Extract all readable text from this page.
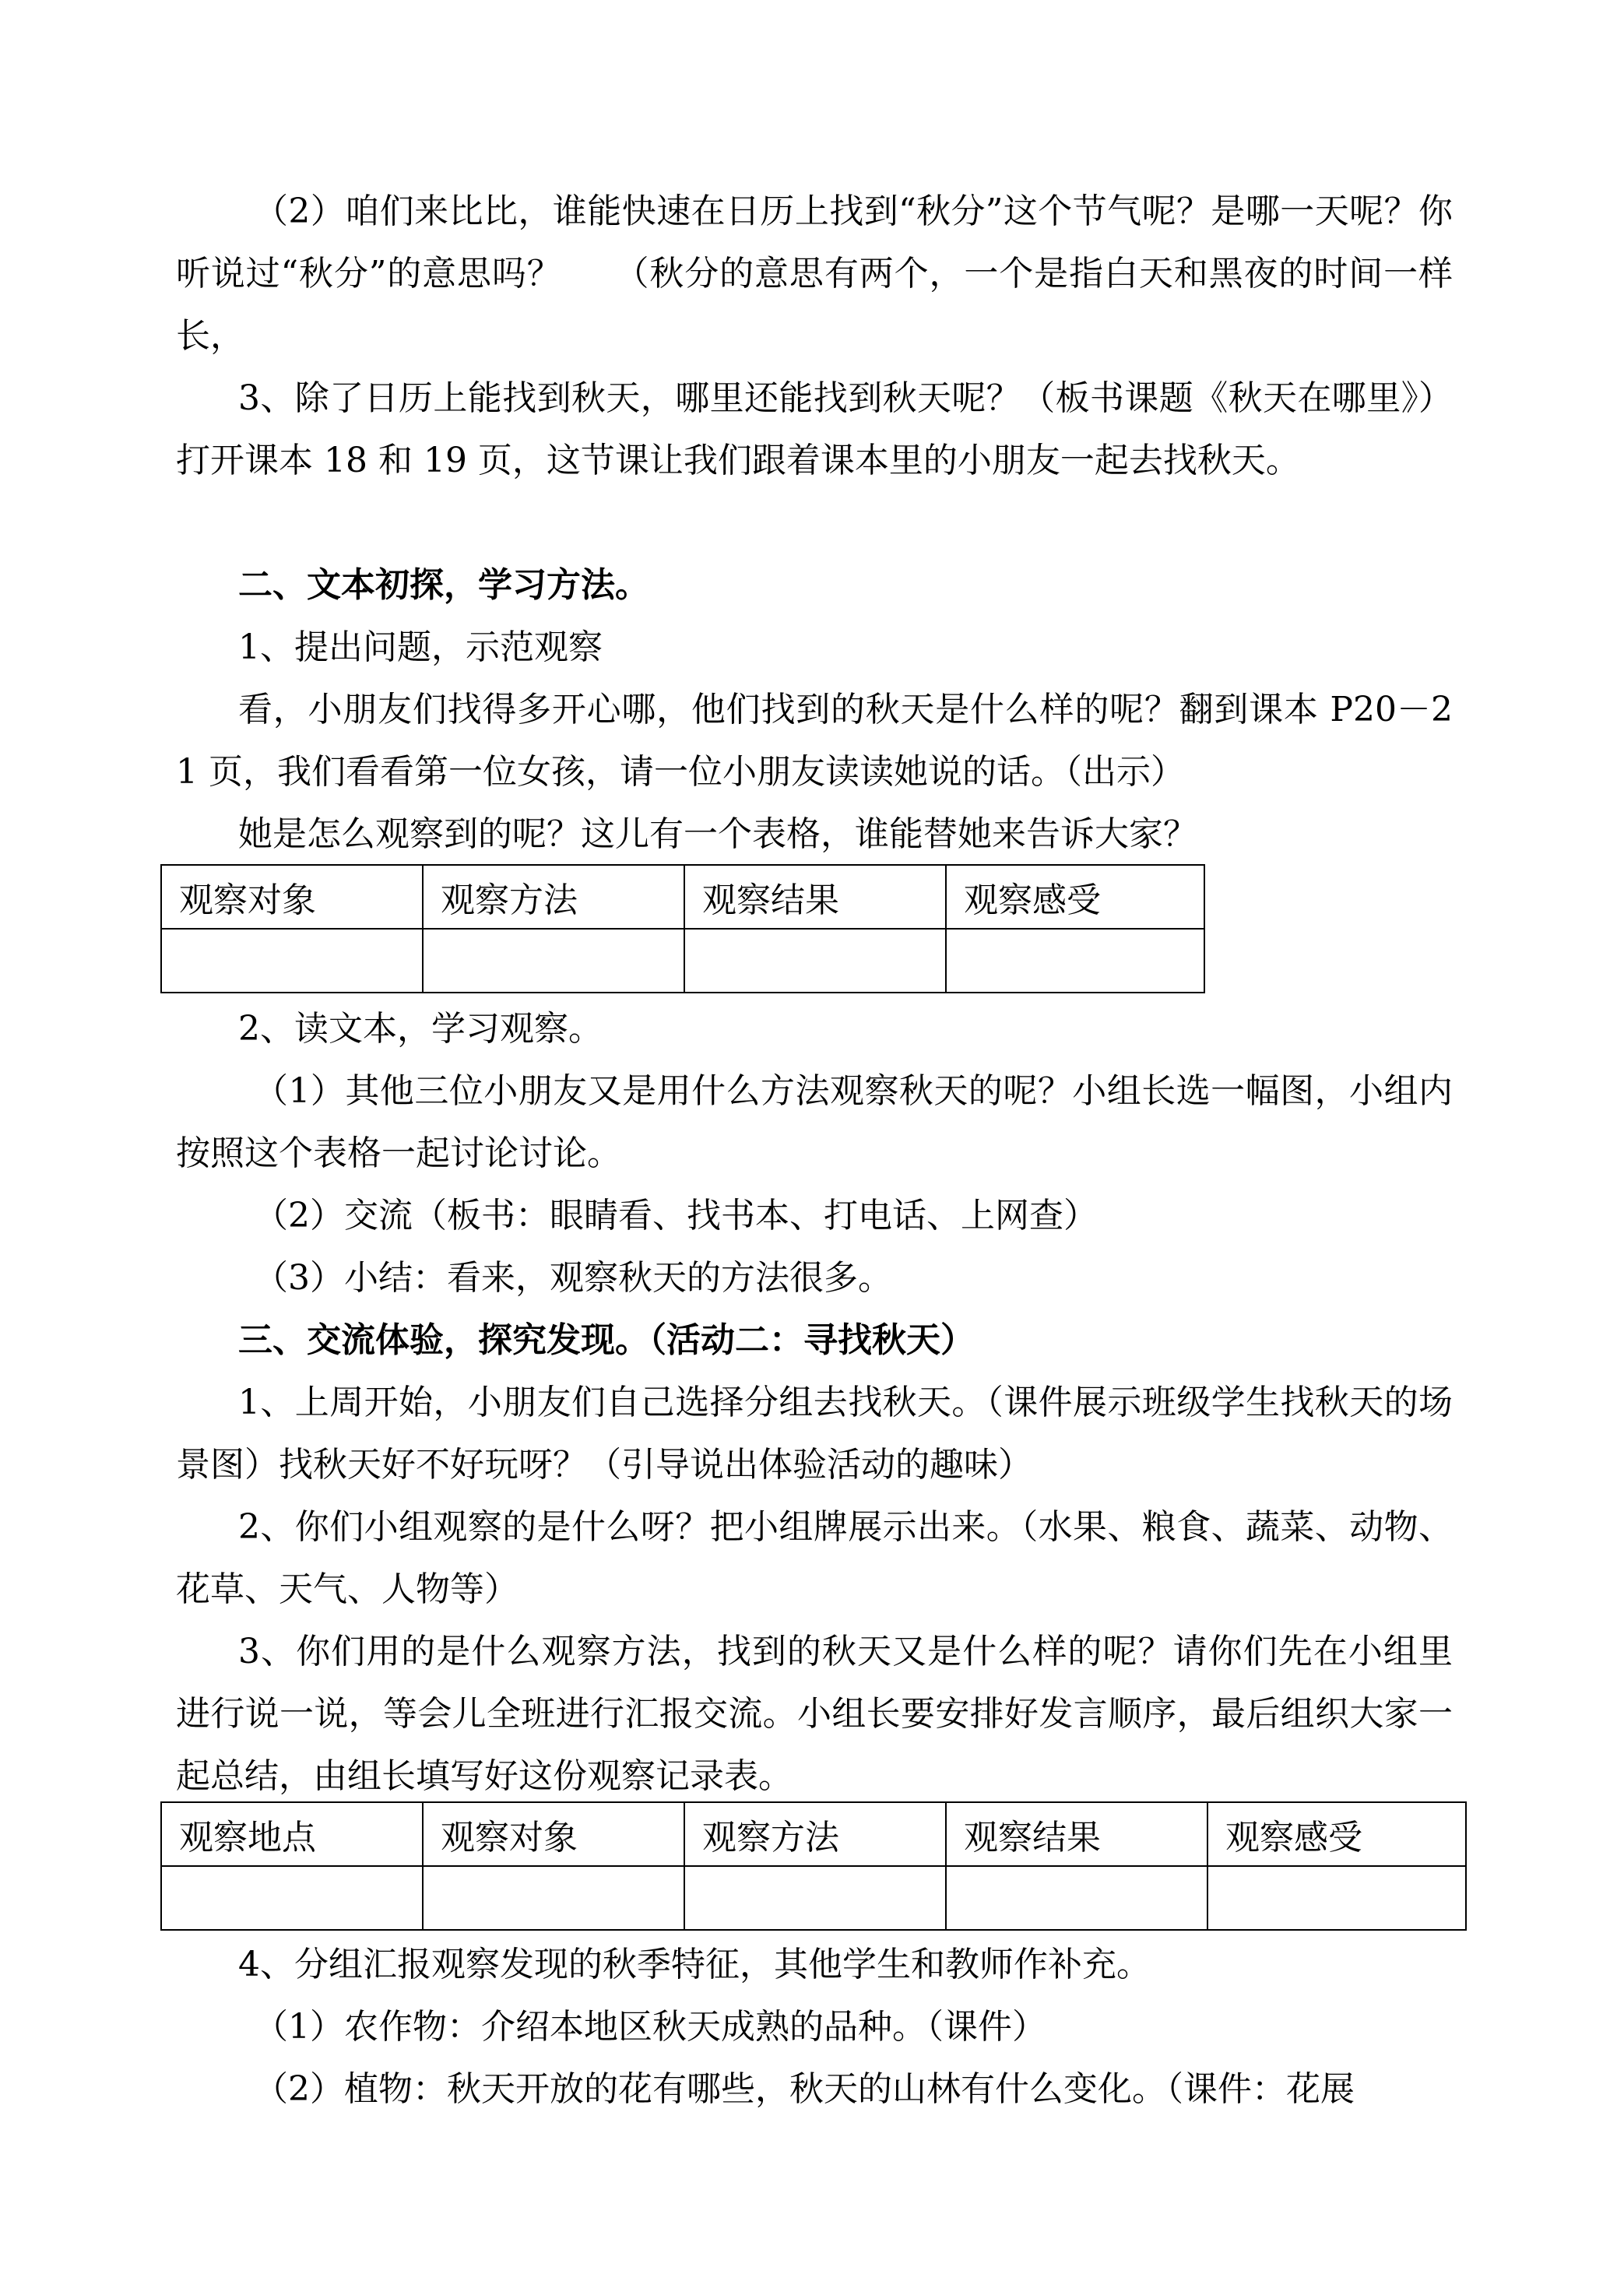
（2）咱们来比比，谁能快速在日历上找到“秋分”这个节气呢？是哪一天呢？你听说过“秋分”的意思吗？　　（秋分的意思有两个，一个是指白天和黑夜的时间一样长，

3、除了日历上能找到秋天，哪里还能找到秋天呢？（板书课题《秋天在哪里》）打开课本 18 和 19 页，这节课让我们跟着课本里的小朋友一起去找秋天。

二、文本初探，学习方法。

1、提出问题，示范观察

看，小朋友们找得多开心哪，他们找到的秋天是什么样的呢？翻到课本 P20－21 页，我们看看第一位女孩，请一位小朋友读读她说的话。（出示）

她是怎么观察到的呢？这儿有一个表格，谁能替她来告诉大家？

观察对象	观察方法	观察结果	观察感受

2、读文本，学习观察。

（1）其他三位小朋友又是用什么方法观察秋天的呢？小组长选一幅图，小组内按照这个表格一起讨论讨论。

（2）交流（板书：眼睛看、找书本、打电话、上网查）

（3）小结：看来，观察秋天的方法很多。

三、交流体验，探究发现。（活动二：寻找秋天）

1、上周开始，小朋友们自己选择分组去找秋天。（课件展示班级学生找秋天的场景图）找秋天好不好玩呀？（引导说出体验活动的趣味）

2、你们小组观察的是什么呀？把小组牌展示出来。（水果、粮食、蔬菜、动物、花草、天气、人物等）

3、你们用的是什么观察方法，找到的秋天又是什么样的呢？请你们先在小组里进行说一说，等会儿全班进行汇报交流。小组长要安排好发言顺序，最后组织大家一起总结，由组长填写好这份观察记录表。

观察地点	观察对象	观察方法	观察结果	观察感受

4、分组汇报观察发现的秋季特征，其他学生和教师作补充。

（1）农作物：介绍本地区秋天成熟的品种。（课件）

（2）植物：秋天开放的花有哪些，秋天的山林有什么变化。（课件：花展
